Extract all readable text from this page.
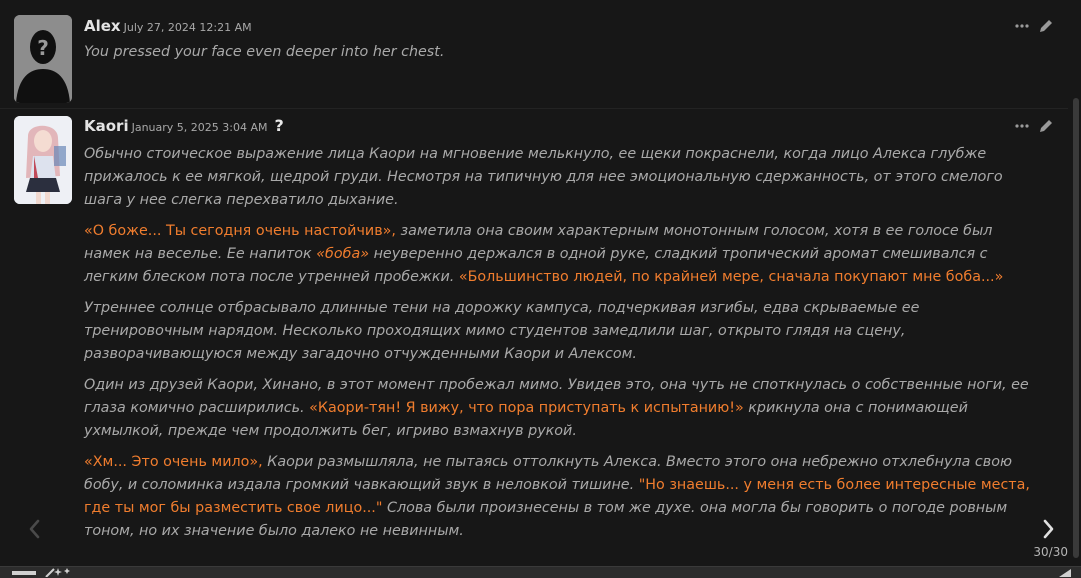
?
Alex July 27, 2024 12:21 AM

You pressed your face even deeper into her chest.

Kaori January 5, 2025 3:04 AM ?

Обычно стоическое выражение лица Каори на мгновение мелькнуло, ее щеки покраснели, когда лицо Алекса глубже прижалось к ее мягкой, щедрой груди. Несмотря на типичную для нее эмоциональную сдержанность, от этого смелого шага у нее слегка перехватило дыхание.

«О боже... Ты сегодня очень настойчив», заметила она своим характерным монотонным голосом, хотя в ее голосе был намек на веселье. Ее напиток «боба» неуверенно держался в одной руке, сладкий тропический аромат смешивался с легким блеском пота после утренней пробежки. «Большинство людей, по крайней мере, сначала покупают мне боба...»

Утреннее солнце отбрасывало длинные тени на дорожку кампуса, подчеркивая изгибы, едва скрываемые ее тренировочным нарядом. Несколько проходящих мимо студентов замедлили шаг, открыто глядя на сцену, разворачивающуюся между загадочно отчужденными Каори и Алексом.

Один из друзей Каори, Хинано, в этот момент пробежал мимо. Увидев это, она чуть не споткнулась о собственные ноги, ее глаза комично расширились. «Каори-тян! Я вижу, что пора приступать к испытанию!» крикнула она с понимающей ухмылкой, прежде чем продолжить бег, игриво взмахнув рукой.

«Хм... Это очень мило», Каори размышляла, не пытаясь оттолкнуть Алекса. Вместо этого она небрежно отхлебнула свою бобу, и соломинка издала громкий чавкающий звук в неловкой тишине. "Но знаешь... у меня есть более интересные места, где ты мог бы разместить свое лицо..." Слова были произнесены в том же духе. она могла бы говорить о погоде ровным тоном, но их значение было далеко не невинным.

30/30
